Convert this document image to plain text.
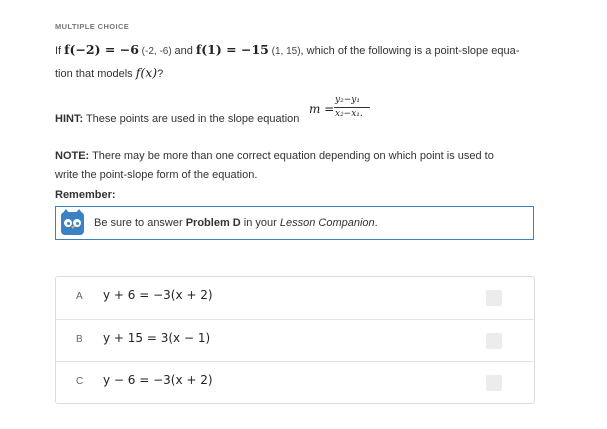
MULTIPLE CHOICE
If f(−2) = −6 (-2, -6) and f(1) = −15 (1, 15), which of the following is a point-slope equa-
tion that models f(x)?
HINT: These points are used in the slope equation
m =
y₂−y₁
x₂−x₁.
NOTE: There may be more than one correct equation depending on which point is used to
write the point-slope form of the equation.
Remember:
Be sure to answer Problem D in your Lesson Companion.
A y + 6 = −3(x + 2)
B y + 15 = 3(x − 1)
C y − 6 = −3(x + 2)
